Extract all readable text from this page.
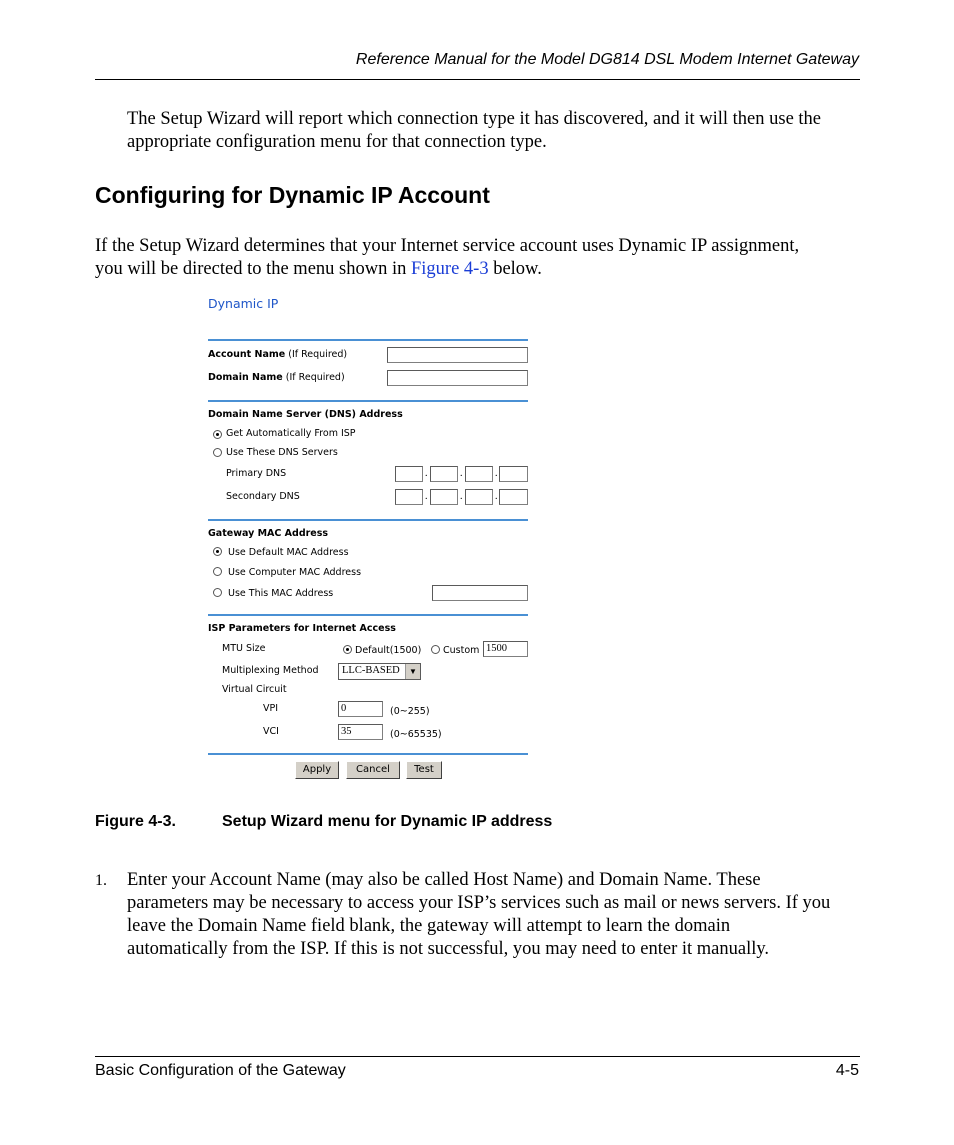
Reference Manual for the Model DG814 DSL Modem Internet Gateway
The Setup Wizard will report which connection type it has discovered, and it will then use the
appropriate configuration menu for that connection type.
Configuring for Dynamic IP Account
If the Setup Wizard determines that your Internet service account uses Dynamic IP assignment,
you will be directed to the menu shown in Figure 4-3 below.
Dynamic IP
Account Name (If Required)
Domain Name (If Required)
Domain Name Server (DNS) Address
Get Automatically From ISP
Use These DNS Servers
Primary DNS	.	.	.
Secondary DNS	.	.	.
Gateway MAC Address
Use Default MAC Address
Use Computer MAC Address
Use This MAC Address
ISP Parameters for Internet Access
MTU Size	Default(1500) Custom 1500
Multiplexing Method LLC-BASED	▼
Virtual Circuit
VPI	0	(0~255)
VCI	35	(0~65535)
Apply	Cancel	Test
Figure 4-3.	Setup Wizard menu for Dynamic IP address
1. Enter your Account Name (may also be called Host Name) and Domain Name. These
parameters may be necessary to access your ISP’s services such as mail or news servers. If you
leave the Domain Name field blank, the gateway will attempt to learn the domain
automatically from the ISP. If this is not successful, you may need to enter it manually.
Basic Configuration of the Gateway	4-5
